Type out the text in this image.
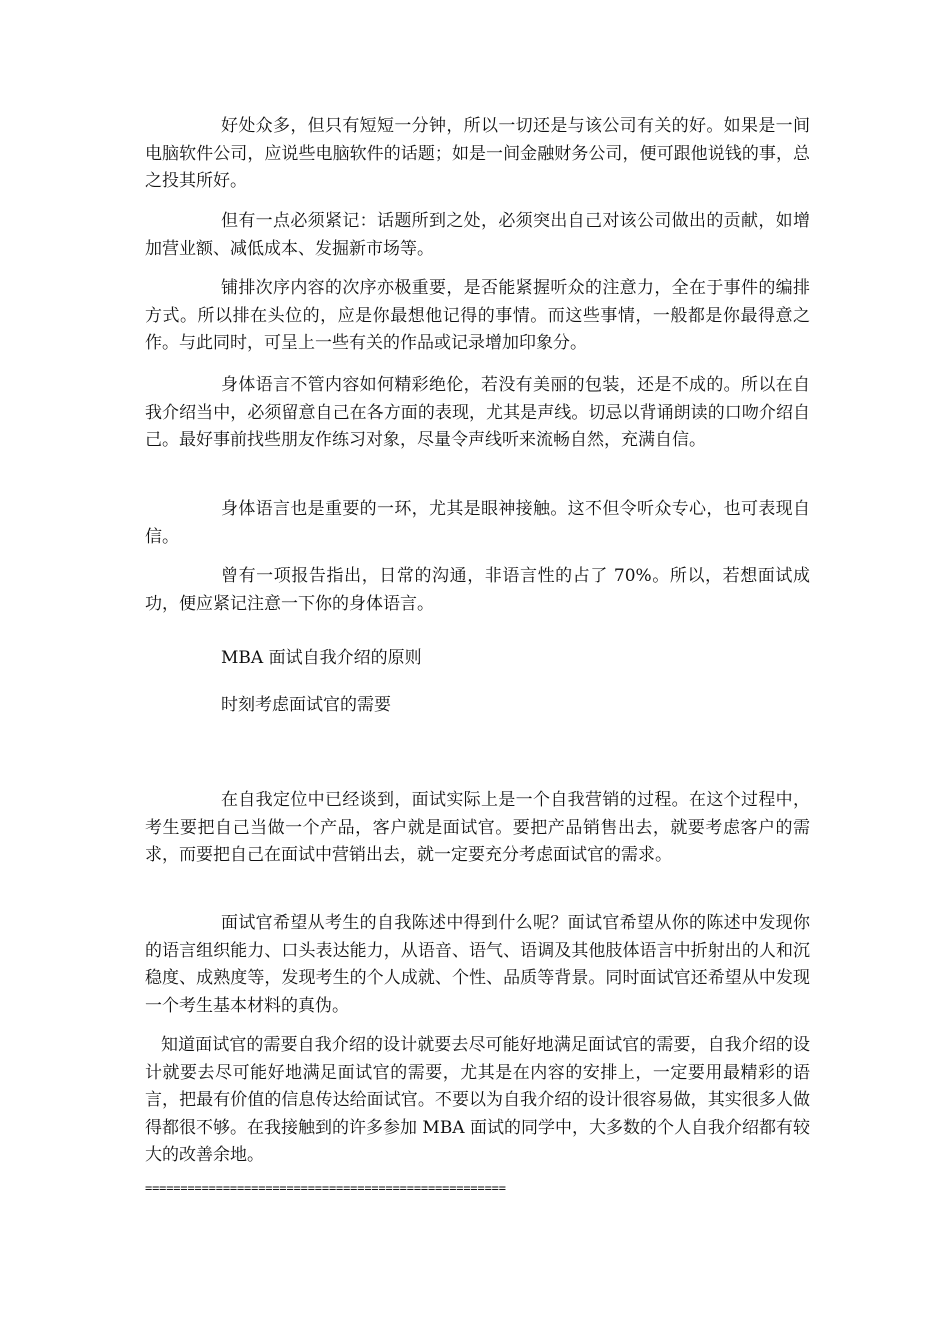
好处众多，但只有短短一分钟，所以一切还是与该公司有关的好。如果是一间电脑软件公司，应说些电脑软件的话题；如是一间金融财务公司，便可跟他说钱的事，总之投其所好。

但有一点必须紧记：话题所到之处，必须突出自己对该公司做出的贡献，如增加营业额、减低成本、发掘新市场等。

铺排次序内容的次序亦极重要，是否能紧握听众的注意力，全在于事件的编排方式。所以排在头位的，应是你最想他记得的事情。而这些事情，一般都是你最得意之作。与此同时，可呈上一些有关的作品或记录增加印象分。

身体语言不管内容如何精彩绝伦，若没有美丽的包装，还是不成的。所以在自我介绍当中，必须留意自己在各方面的表现，尤其是声线。切忌以背诵朗读的口吻介绍自己。最好事前找些朋友作练习对象，尽量令声线听来流畅自然，充满自信。

身体语言也是重要的一环，尤其是眼神接触。这不但令听众专心，也可表现自信。

曾有一项报告指出，日常的沟通，非语言性的占了 70%。所以，若想面试成功，便应紧记注意一下你的身体语言。

MBA 面试自我介绍的原则

时刻考虑面试官的需要

在自我定位中已经谈到，面试实际上是一个自我营销的过程。在这个过程中，考生要把自己当做一个产品，客户就是面试官。要把产品销售出去，就要考虑客户的需求，而要把自己在面试中营销出去，就一定要充分考虑面试官的需求。

面试官希望从考生的自我陈述中得到什么呢？面试官希望从你的陈述中发现你的语言组织能力、口头表达能力，从语音、语气、语调及其他肢体语言中折射出的人和沉稳度、成熟度等，发现考生的个人成就、个性、品质等背景。同时面试官还希望从中发现一个考生基本材料的真伪。

知道面试官的需要自我介绍的设计就要去尽可能好地满足面试官的需要，自我介绍的设计就要去尽可能好地满足面试官的需要，尤其是在内容的安排上，一定要用最精彩的语言，把最有价值的信息传达给面试官。不要以为自我介绍的设计很容易做，其实很多人做得都很不够。在我接触到的许多参加 MBA 面试的同学中，大多数的个人自我介绍都有较大的改善余地。

===================================================
